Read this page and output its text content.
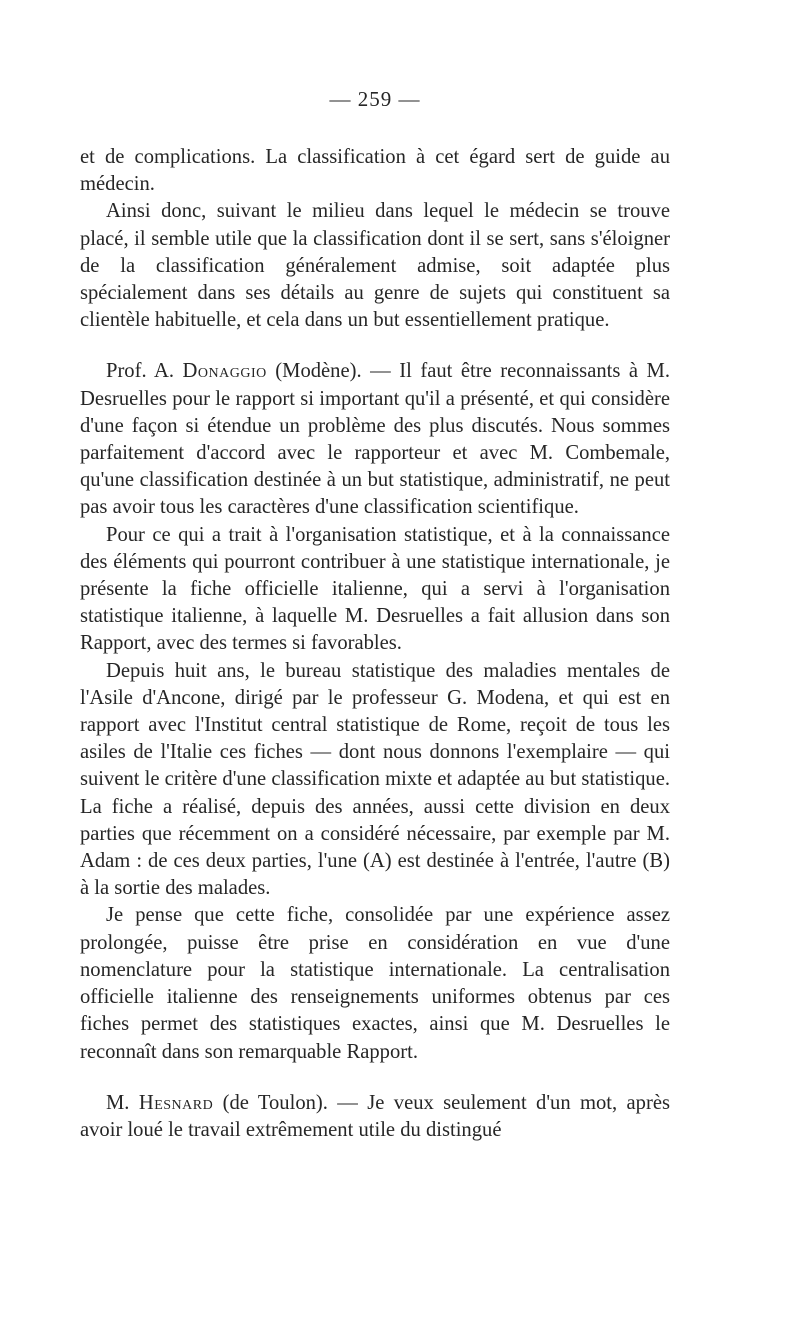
— 259 —

et de complications. La classification à cet égard sert de guide au médecin.

Ainsi donc, suivant le milieu dans lequel le médecin se trouve placé, il semble utile que la classification dont il se sert, sans s'éloigner de la classification généralement admise, soit adaptée plus spécialement dans ses détails au genre de sujets qui constituent sa clientèle habituelle, et cela dans un but essentiellement pratique.

Prof. A. Donaggio (Modène). — Il faut être reconnaissants à M. Desruelles pour le rapport si important qu'il a présenté, et qui considère d'une façon si étendue un problème des plus discutés. Nous sommes parfaitement d'accord avec le rapporteur et avec M. Combemale, qu'une classification destinée à un but statistique, administratif, ne peut pas avoir tous les caractères d'une classification scientifique.

Pour ce qui a trait à l'organisation statistique, et à la connaissance des éléments qui pourront contribuer à une statistique internationale, je présente la fiche officielle italienne, qui a servi à l'organisation statistique italienne, à laquelle M. Desruelles a fait allusion dans son Rapport, avec des termes si favorables.

Depuis huit ans, le bureau statistique des maladies mentales de l'Asile d'Ancone, dirigé par le professeur G. Modena, et qui est en rapport avec l'Institut central statistique de Rome, reçoit de tous les asiles de l'Italie ces fiches — dont nous donnons l'exemplaire — qui suivent le critère d'une classification mixte et adaptée au but statistique. La fiche a réalisé, depuis des années, aussi cette division en deux parties que récemment on a considéré nécessaire, par exemple par M. Adam : de ces deux parties, l'une (A) est destinée à l'entrée, l'autre (B) à la sortie des malades.

Je pense que cette fiche, consolidée par une expérience assez prolongée, puisse être prise en considération en vue d'une nomenclature pour la statistique internationale. La centralisation officielle italienne des renseignements uniformes obtenus par ces fiches permet des statistiques exactes, ainsi que M. Desruelles le reconnaît dans son remarquable Rapport.

M. Hesnard (de Toulon). — Je veux seulement d'un mot, après avoir loué le travail extrêmement utile du distingué
